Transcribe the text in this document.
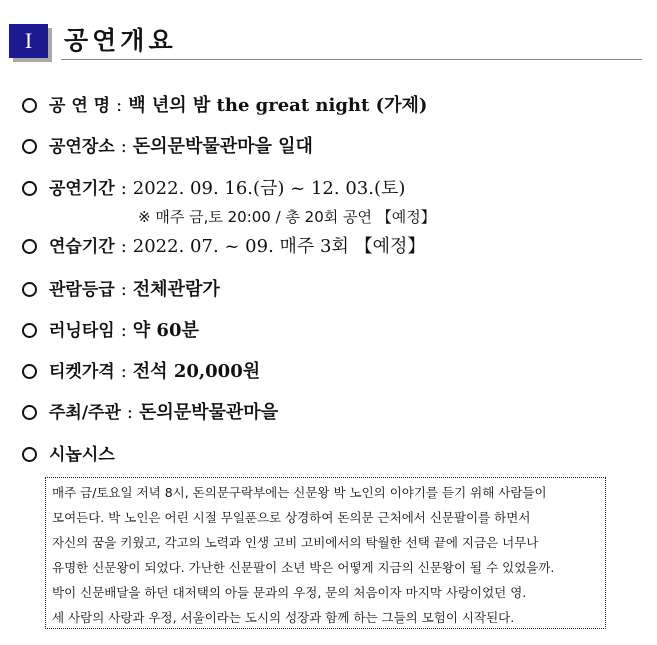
I	공연개요
공 연 명 : 백 년의 밤 the great night (가제)
공연장소 : 돈의문박물관마을 일대
공연기간 : 2022. 09. 16.(금) ~ 12. 03.(토)
※ 매주 금,토 20:00 / 총 20회 공연 【예정】
연습기간 : 2022. 07. ~ 09. 매주 3회 【예정】
관람등급 : 전체관람가
러닝타임 : 약 60분
티켓가격 : 전석 20,000원
주최/주관 : 돈의문박물관마을
시놉시스
매주 금/토요일 저녁 8시, 돈의문구락부에는 신문왕 박 노인의 이야기를 듣기 위해 사람들이
모여든다. 박 노인은 어린 시절 무일푼으로 상경하여 돈의문 근처에서 신문팔이를 하면서
자신의 꿈을 키웠고, 각고의 노력과 인생 고비 고비에서의 탁월한 선택 끝에 지금은 너무나
유명한 신문왕이 되었다. 가난한 신문팔이 소년 박은 어떻게 지금의 신문왕이 될 수 있었을까.
박이 신문배달을 하던 대저택의 아들 문과의 우정, 문의 처음이자 마지막 사랑이었던 영.
세 사람의 사랑과 우정, 서울이라는 도시의 성장과 함께 하는 그들의 모험이 시작된다.
